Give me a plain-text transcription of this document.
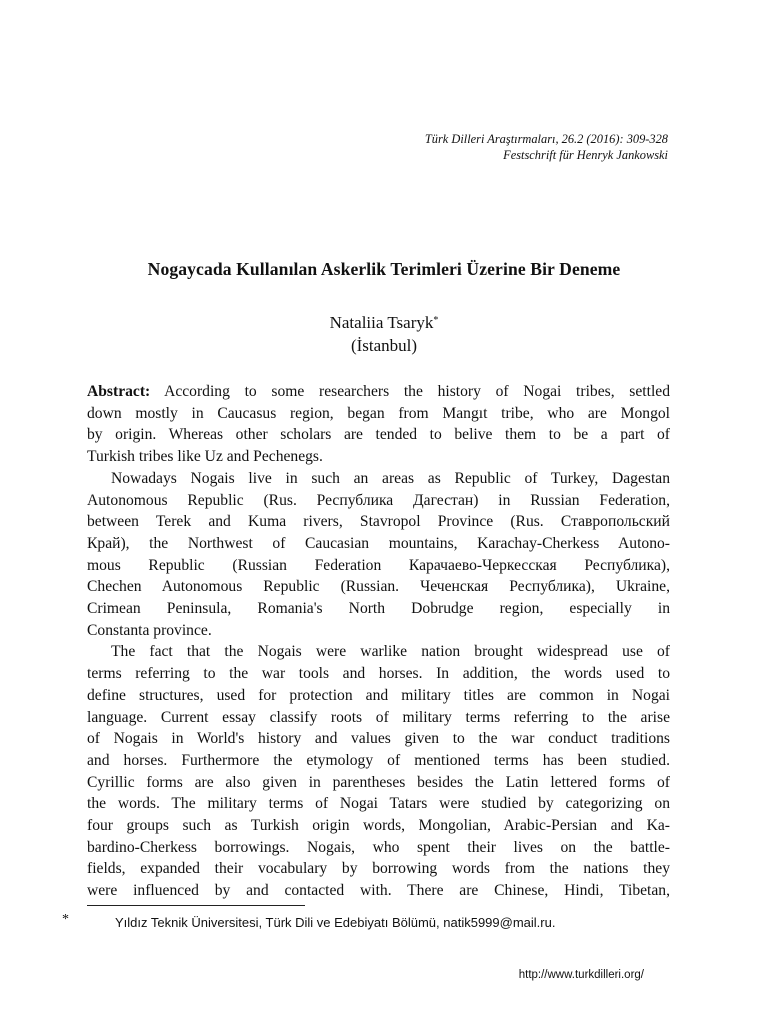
Türk Dilleri Araştırmaları, 26.2 (2016): 309-328
Festschrift für Henryk Jankowski
Nogaycada Kullanılan Askerlik Terimleri Üzerine Bir Deneme
Nataliia Tsaryk*
(İstanbul)

Abstract: According to some researchers the history of Nogai tribes, settled
down mostly in Caucasus region, began from Mangıt tribe, who are Mongol
by origin. Whereas other scholars are tended to belive them to be a part of
Turkish tribes like Uz and Pechenegs.

Nowadays Nogais live in such an areas as Republic of Turkey, Dagestan
Autonomous Republic (Rus. Республика Дагестан) in Russian Federation,
between Terek and Kuma rivers, Stavropol Province (Rus. Ставропольский
Край), the Northwest of Caucasian mountains, Karachay-Cherkess Autono-
mous Republic (Russian Federation Карачаево-Черкесская Республика),
Chechen Autonomous Republic (Russian. Чеченская Республика), Ukraine,
Crimean Peninsula, Romania's North Dobrudge region, especially in
Constanta province.

The fact that the Nogais were warlike nation brought widespread use of
terms referring to the war tools and horses. In addition, the words used to
define structures, used for protection and military titles are common in Nogai
language. Current essay classify roots of military terms referring to the arise
of Nogais in World's history and values given to the war conduct traditions
and horses. Furthermore the etymology of mentioned terms has been studied.
Cyrillic forms are also given in parentheses besides the Latin lettered forms of
the words. The military terms of Nogai Tatars were studied by categorizing on
four groups such as Turkish origin words, Mongolian, Arabic-Persian and Ka-
bardino-Cherkess borrowings. Nogais, who spent their lives on the battle-
fields, expanded their vocabulary by borrowing words from the nations they
were influenced by and contacted with. There are Chinese, Hindi, Tibetan,

*	Yıldız Teknik Üniversitesi, Türk Dili ve Edebiyatı Bölümü, natik5999@mail.ru.
http://www.turkdilleri.org/
